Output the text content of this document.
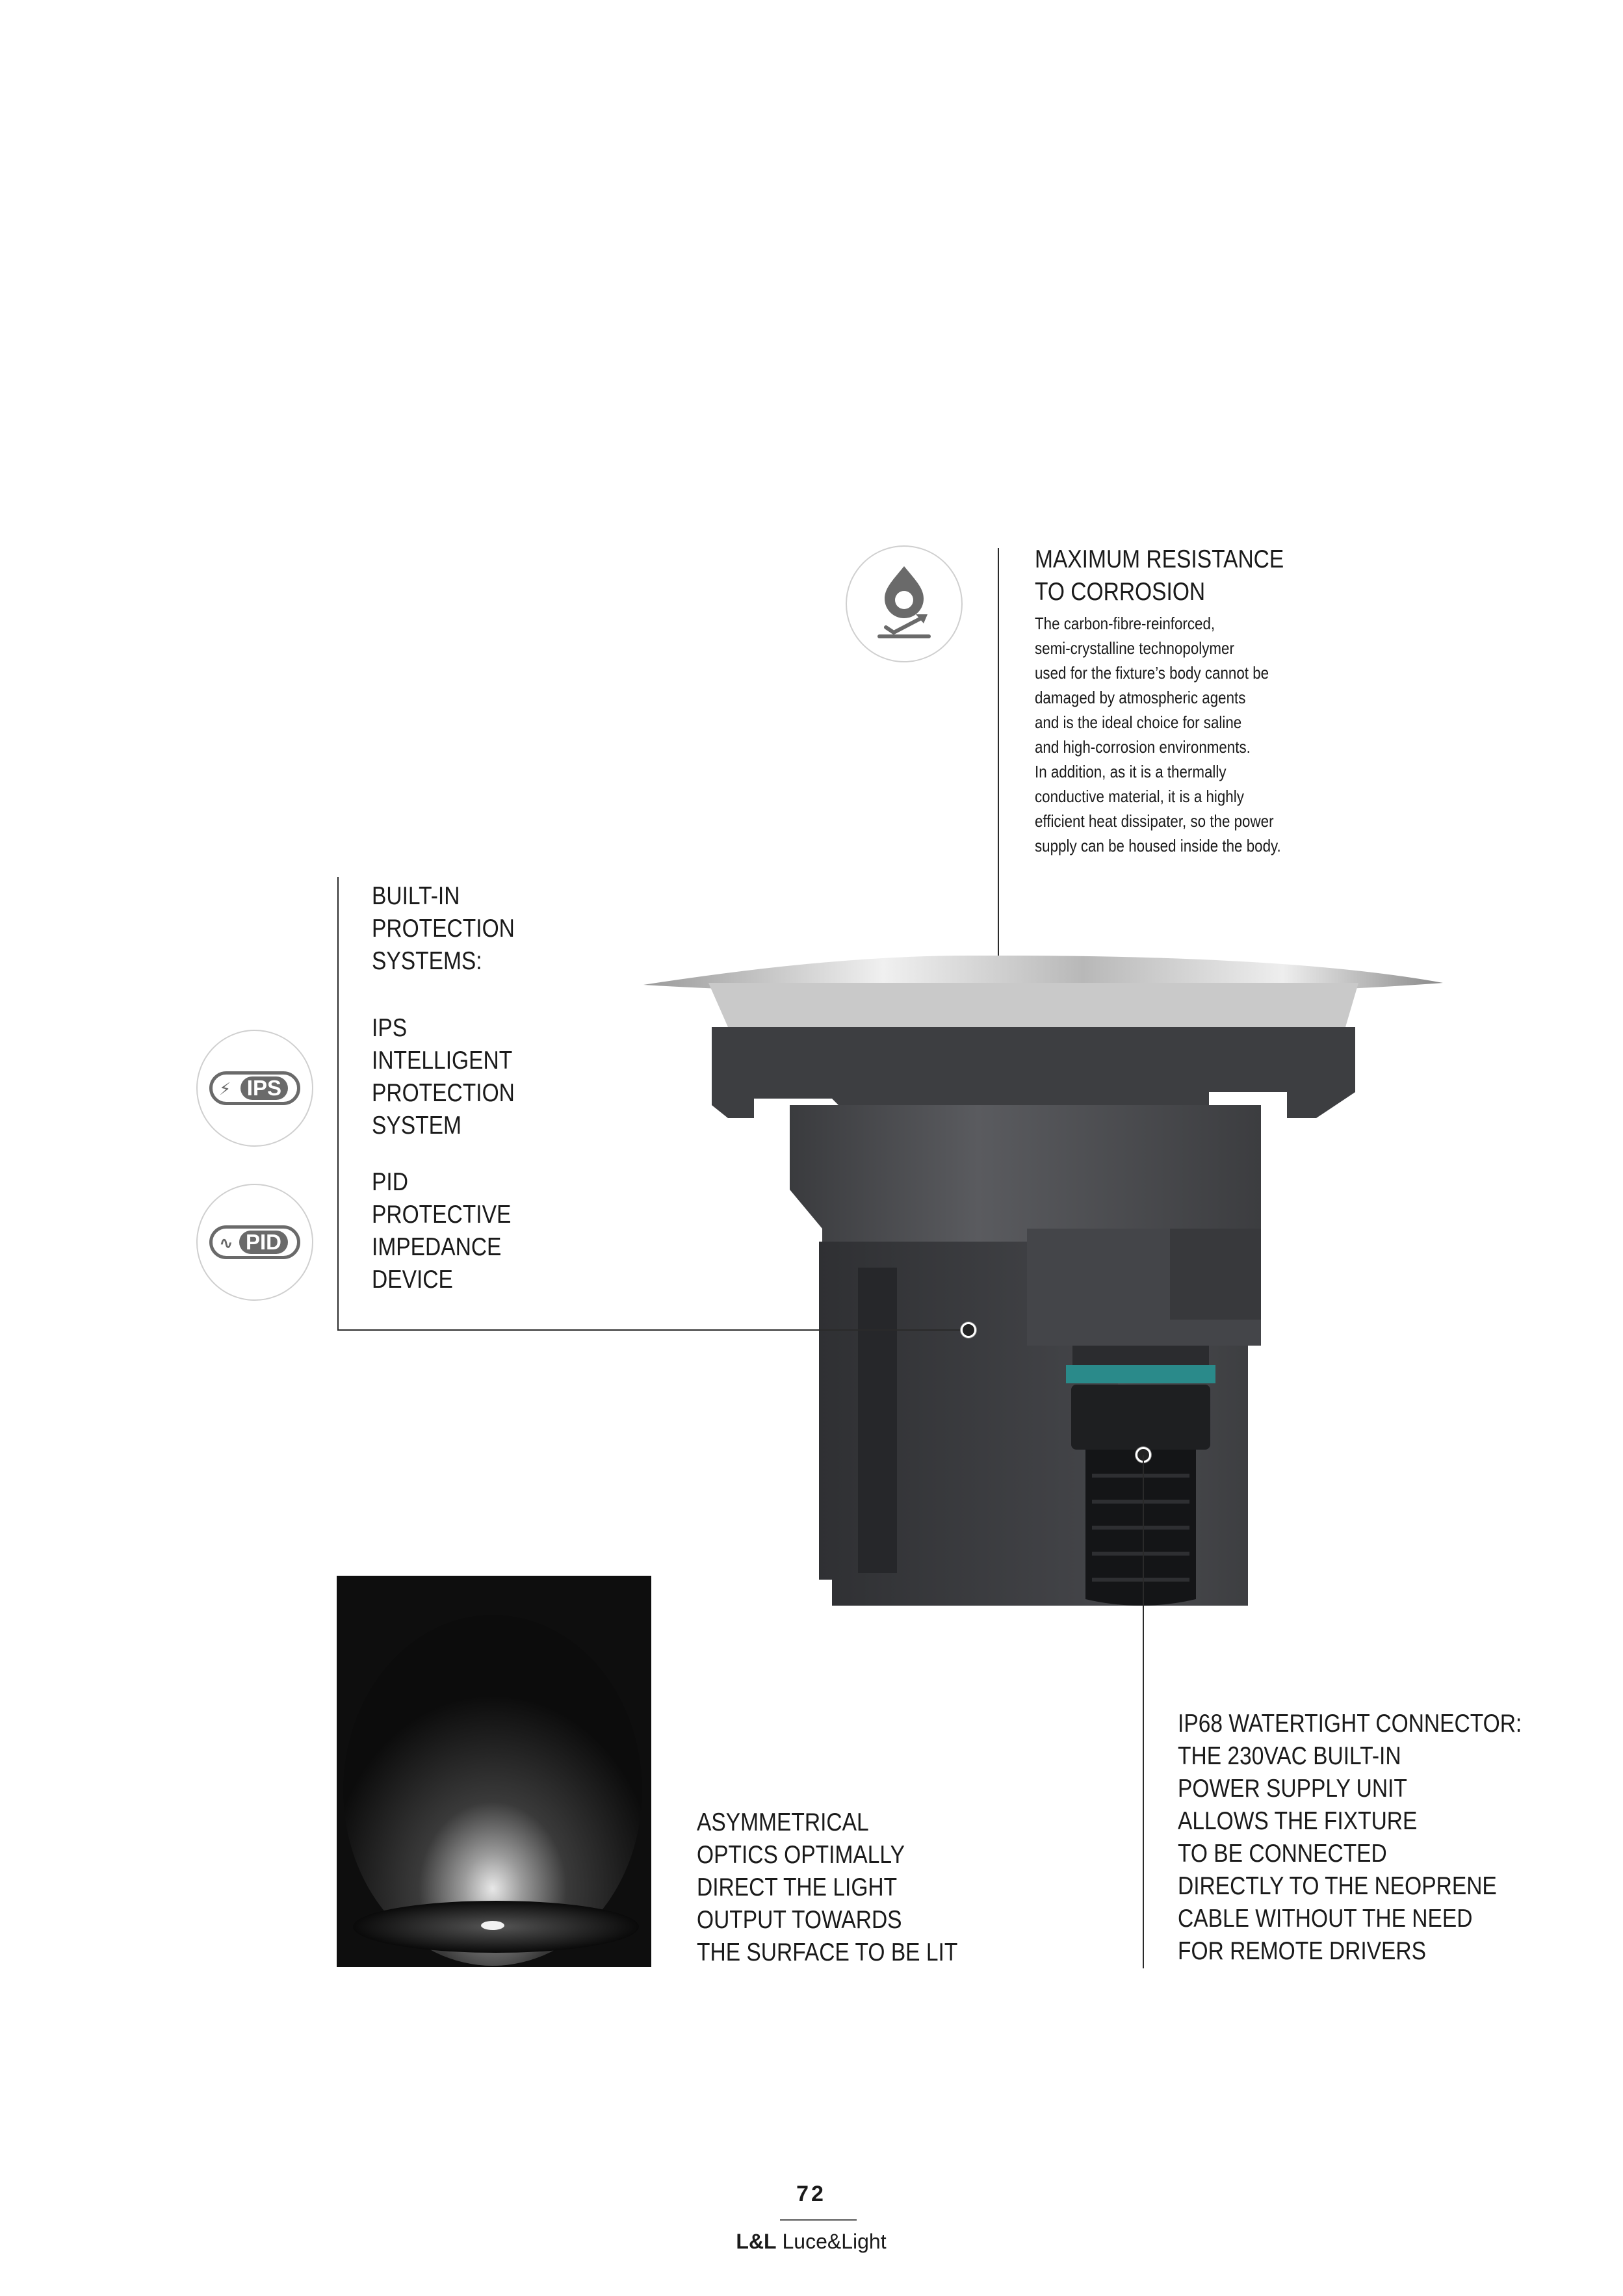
MAXIMUM RESISTANCE
TO CORROSION
The carbon-fibre-reinforced,
semi-crystalline technopolymer
used for the fixture’s body cannot be
damaged by atmospheric agents
and is the ideal choice for saline
and high-corrosion environments.
In addition, as it is a thermally
conductive material, it is a highly
efficient heat dissipater, so the power
supply can be housed inside the body.
BUILT-IN
PROTECTION
SYSTEMS:
IPS
INTELLIGENT
PROTECTION
SYSTEM
PID
PROTECTIVE
IMPEDANCE
DEVICE
⚡ IPS
∿ PID
ASYMMETRICAL
OPTICS OPTIMALLY
DIRECT THE LIGHT
OUTPUT TOWARDS
THE SURFACE TO BE LIT
IP68 WATERTIGHT CONNECTOR:
THE 230VAC BUILT-IN
POWER SUPPLY UNIT
ALLOWS THE FIXTURE
TO BE CONNECTED
DIRECTLY TO THE NEOPRENE
CABLE WITHOUT THE NEED
FOR REMOTE DRIVERS
72
L&L Luce&Light
